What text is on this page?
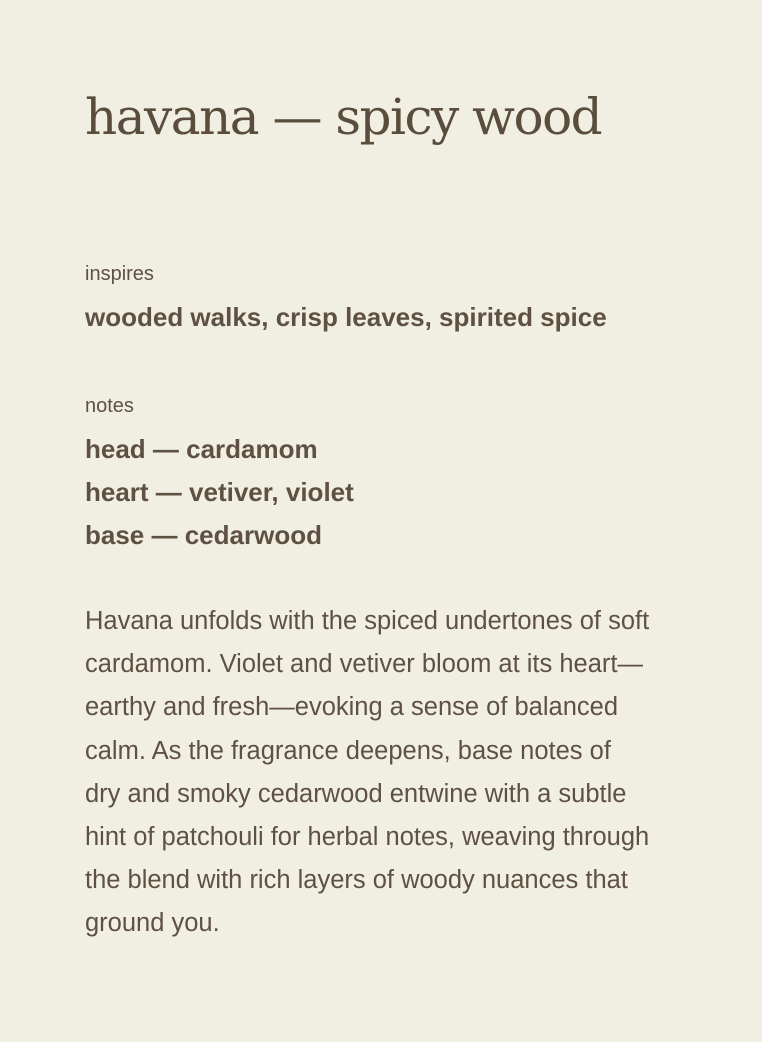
havana — spicy wood

inspires

wooded walks, crisp leaves, spirited spice

notes

head — cardamom

heart — vetiver, violet

base — cedarwood

Havana unfolds with the spiced undertones of soft
cardamom. Violet and vetiver bloom at its heart—
earthy and fresh—evoking a sense of balanced
calm. As the fragrance deepens, base notes of
dry and smoky cedarwood entwine with a subtle
hint of patchouli for herbal notes, weaving through
the blend with rich layers of woody nuances that
ground you.
